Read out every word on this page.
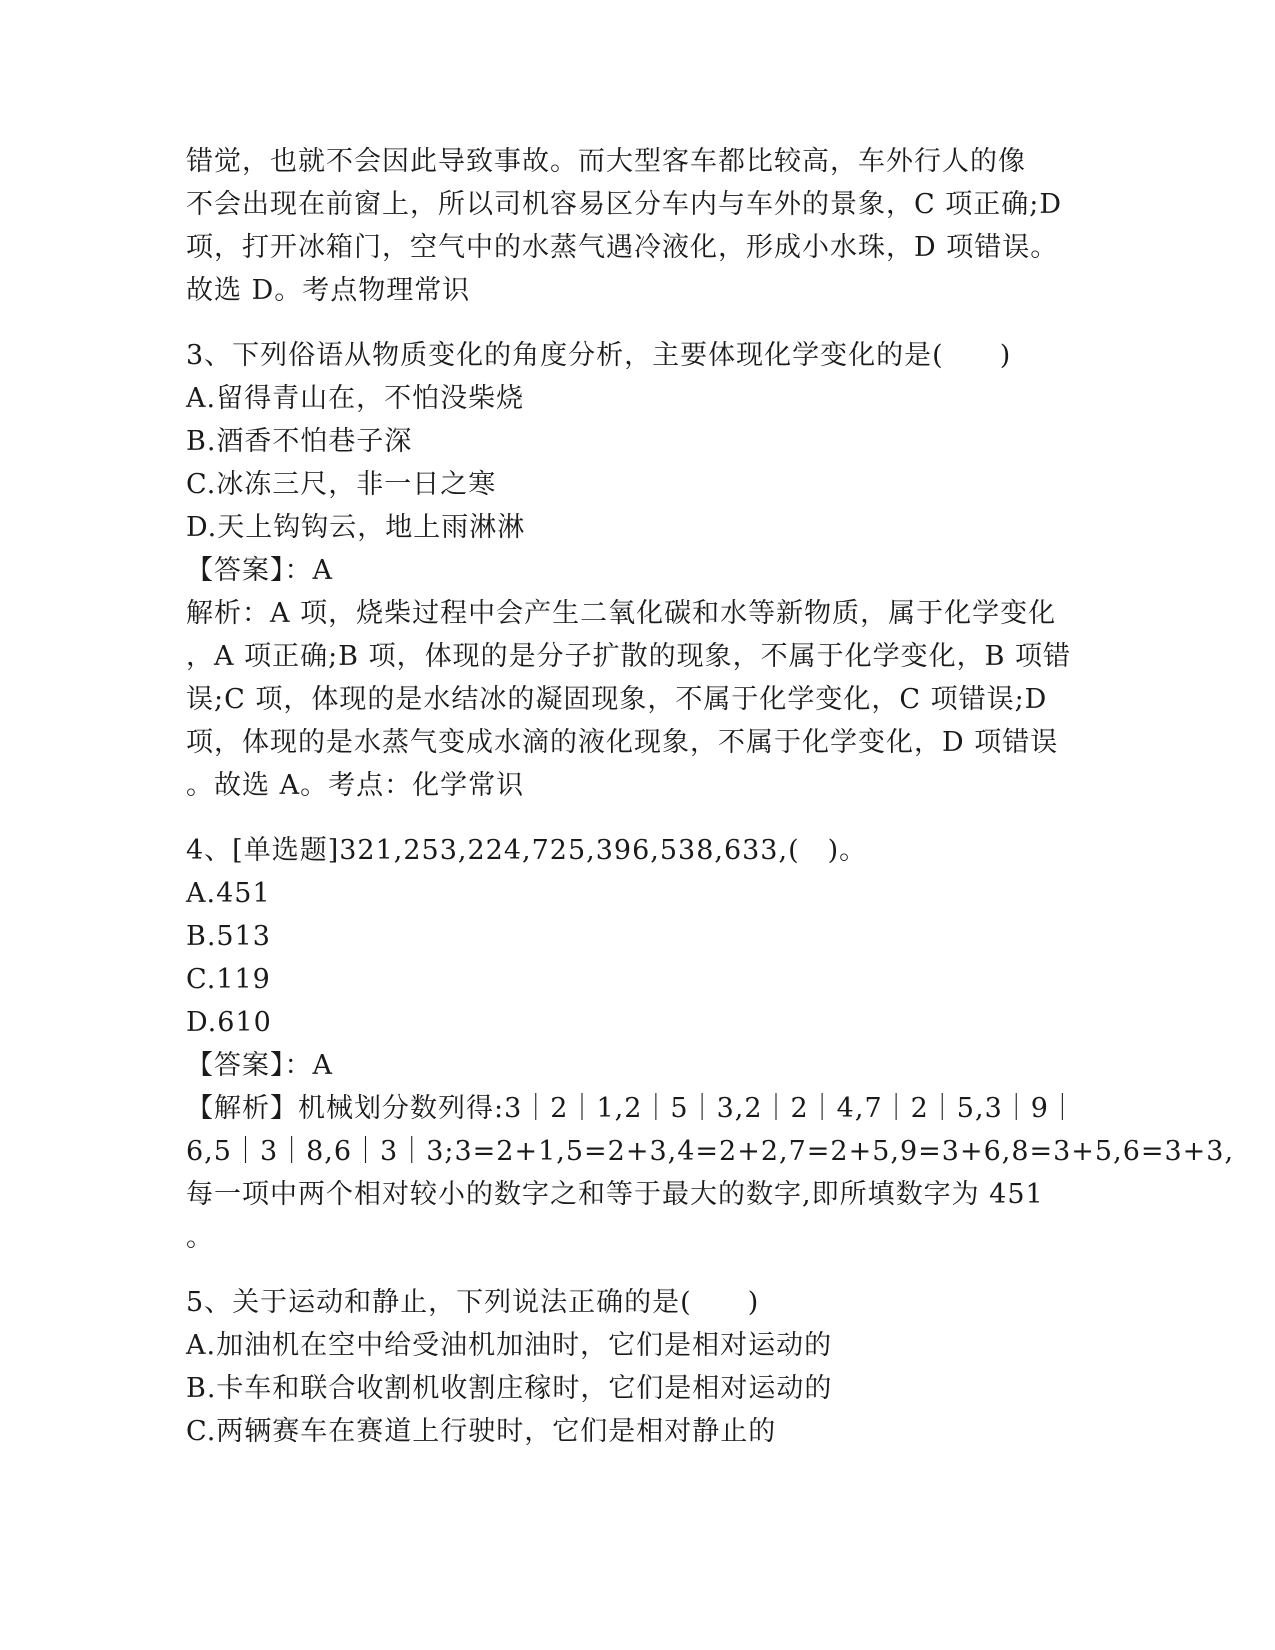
错觉，也就不会因此导致事故。而大型客车都比较高，车外行人的像
不会出现在前窗上，所以司机容易区分车内与车外的景象，C 项正确;D
项，打开冰箱门，空气中的水蒸气遇冷液化，形成小水珠，D 项错误。
故选 D。考点物理常识
3、下列俗语从物质变化的角度分析，主要体现化学变化的是(　　)
A.留得青山在，不怕没柴烧
B.酒香不怕巷子深
C.冰冻三尺，非一日之寒
D.天上钩钩云，地上雨淋淋
【答案】：A
解析：A 项，烧柴过程中会产生二氧化碳和水等新物质，属于化学变化
，A 项正确;B 项，体现的是分子扩散的现象，不属于化学变化，B 项错
误;C 项，体现的是水结冰的凝固现象，不属于化学变化，C 项错误;D
项，体现的是水蒸气变成水滴的液化现象，不属于化学变化，D 项错误
。故选 A。考点：化学常识
4、[单选题]321,253,224,725,396,538,633,(　)。
A.451
B.513
C.119
D.610
【答案】：A
【解析】机械划分数列得:3｜2｜1,2｜5｜3,2｜2｜4,7｜2｜5,3｜9｜
6,5｜3｜8,6｜3｜3;3=2+1,5=2+3,4=2+2,7=2+5,9=3+6,8=3+5,6=3+3,
每一项中两个相对较小的数字之和等于最大的数字,即所填数字为 451
。
5、关于运动和静止，下列说法正确的是(　　)
A.加油机在空中给受油机加油时，它们是相对运动的
B.卡车和联合收割机收割庄稼时，它们是相对运动的
C.两辆赛车在赛道上行驶时，它们是相对静止的
